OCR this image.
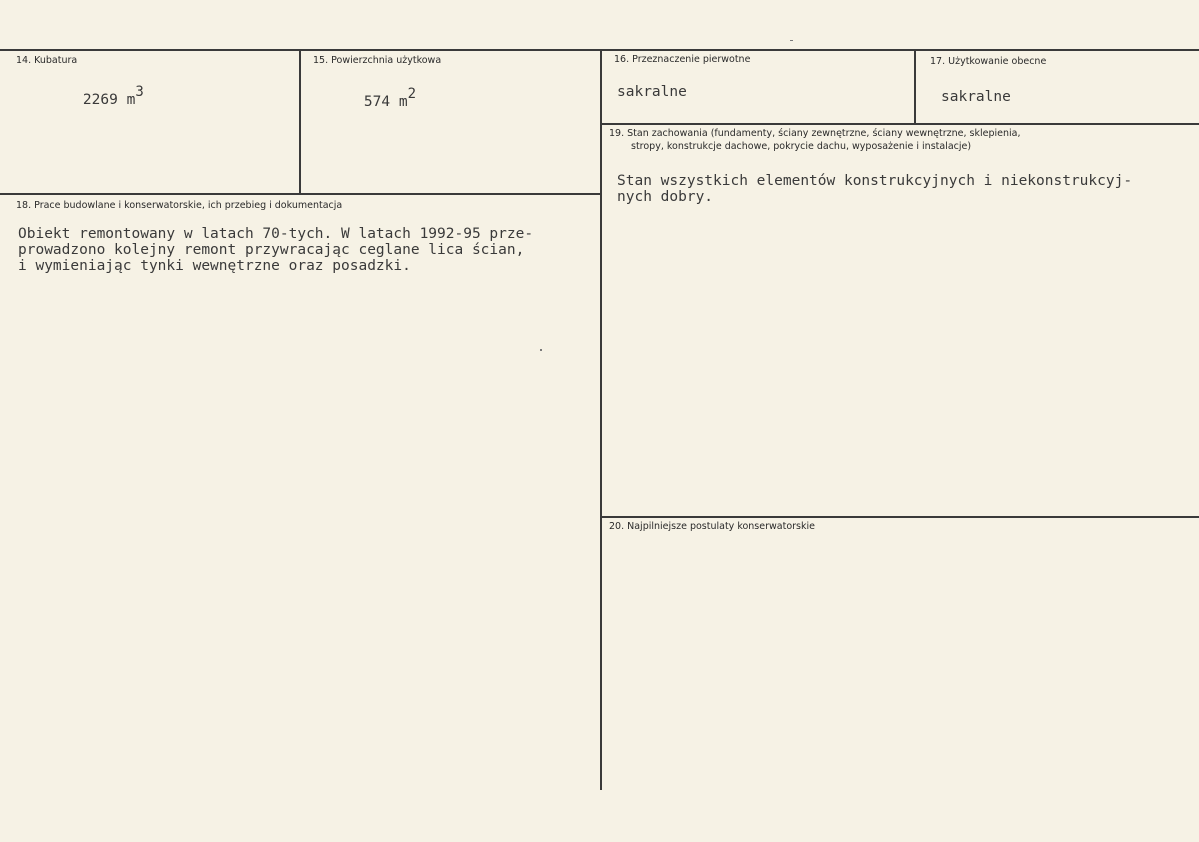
14. Kubatura

2269 m3

15. Powierzchnia użytkowa

574 m2

16. Przeznaczenie pierwotne
sakralne
17. Użytkowanie obecne
sakralne
18. Prace budowlane i konserwatorskie, ich przebieg i dokumentacja
Obiekt remontowany w latach 70-tych. W latach 1992-95 prze-
prowadzono kolejny remont przywracając ceglane lica ścian,
i wymieniając tynki wewnętrzne oraz posadzki.
19. Stan zachowania (fundamenty, ściany zewnętrzne, ściany wewnętrzne, sklepienia,
stropy, konstrukcje dachowe, pokrycie dachu, wyposażenie i instalacje)
Stan wszystkich elementów konstrukcyjnych i niekonstrukcyj-
nych dobry.
20. Najpilniejsze postulaty konserwatorskie
